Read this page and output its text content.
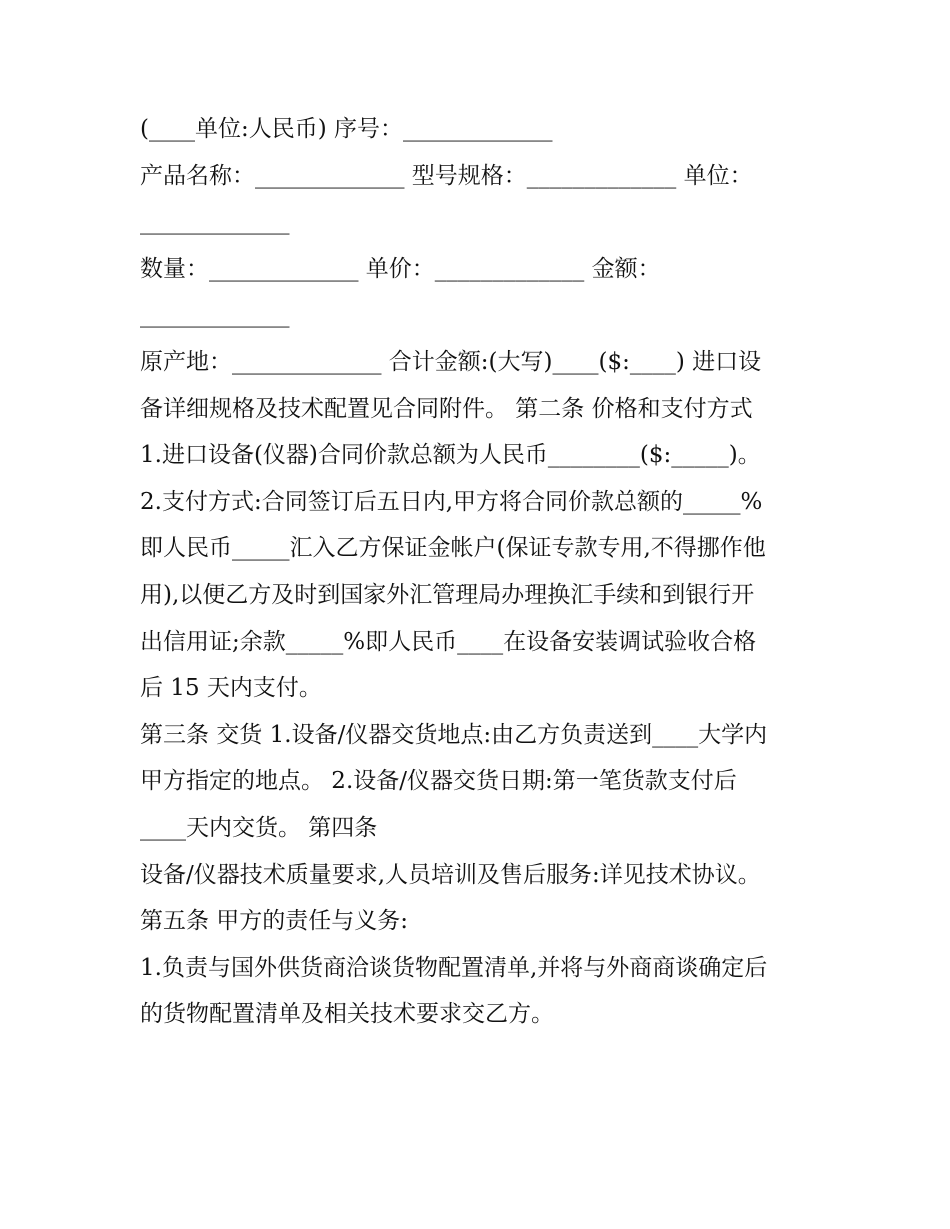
(____单位:人民币) 序号：_____________
产品名称：_____________ 型号规格：_____________ 单位：
_____________
数量：_____________ 单价：_____________ 金额：
_____________
原产地：_____________ 合计金额:(大写)____($:____) 进口设
备详细规格及技术配置见合同附件。 第二条 价格和支付方式
1.进口设备(仪器)合同价款总额为人民币________($:_____)。
2.支付方式:合同签订后五日内,甲方将合同价款总额的_____%
即人民币_____汇入乙方保证金帐户(保证专款专用,不得挪作他
用),以便乙方及时到国家外汇管理局办理换汇手续和到银行开
出信用证;余款_____%即人民币____在设备安装调试验收合格
后 15 天内支付。
第三条 交货 1.设备/仪器交货地点:由乙方负责送到____大学内
甲方指定的地点。 2.设备/仪器交货日期:第一笔货款支付后
____天内交货。 第四条
设备/仪器技术质量要求,人员培训及售后服务:详见技术协议。
第五条 甲方的责任与义务:
1.负责与国外供货商洽谈货物配置清单,并将与外商商谈确定后
的货物配置清单及相关技术要求交乙方。
